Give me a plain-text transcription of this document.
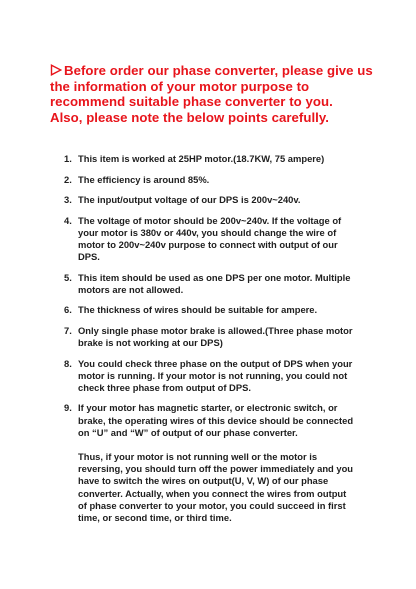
Before order our phase converter, please give us
the information of your motor purpose to
recommend suitable phase converter to you.
Also, please note the below points carefully.
1. This item is worked at 25HP motor.(18.7KW, 75 ampere)
2. The efficiency is around 85%.
3. The input/output voltage of our DPS is 200v~240v.
4. The voltage of motor should be 200v~240v. If the voltage of
your motor is 380v or 440v, you should change the wire of
motor to 200v~240v purpose to connect with output of our
DPS.
5. This item should be used as one DPS per one motor. Multiple
motors are not allowed.
6. The thickness of wires should be suitable for ampere.
7. Only single phase motor brake is allowed.(Three phase motor
brake is not working at our DPS)
8. You could check three phase on the output of DPS when your
motor is running. If your motor is not running, you could not
check three phase from output of DPS.
9. If your motor has magnetic starter, or electronic switch, or
brake, the operating wires of this device should be connected
on “U” and “W” of output of our phase converter.
Thus, if your motor is not running well or the motor is
reversing, you should turn off the power immediately and you
have to switch the wires on output(U, V, W) of our phase
converter. Actually, when you connect the wires from output
of phase converter to your motor, you could succeed in first
time, or second time, or third time.
